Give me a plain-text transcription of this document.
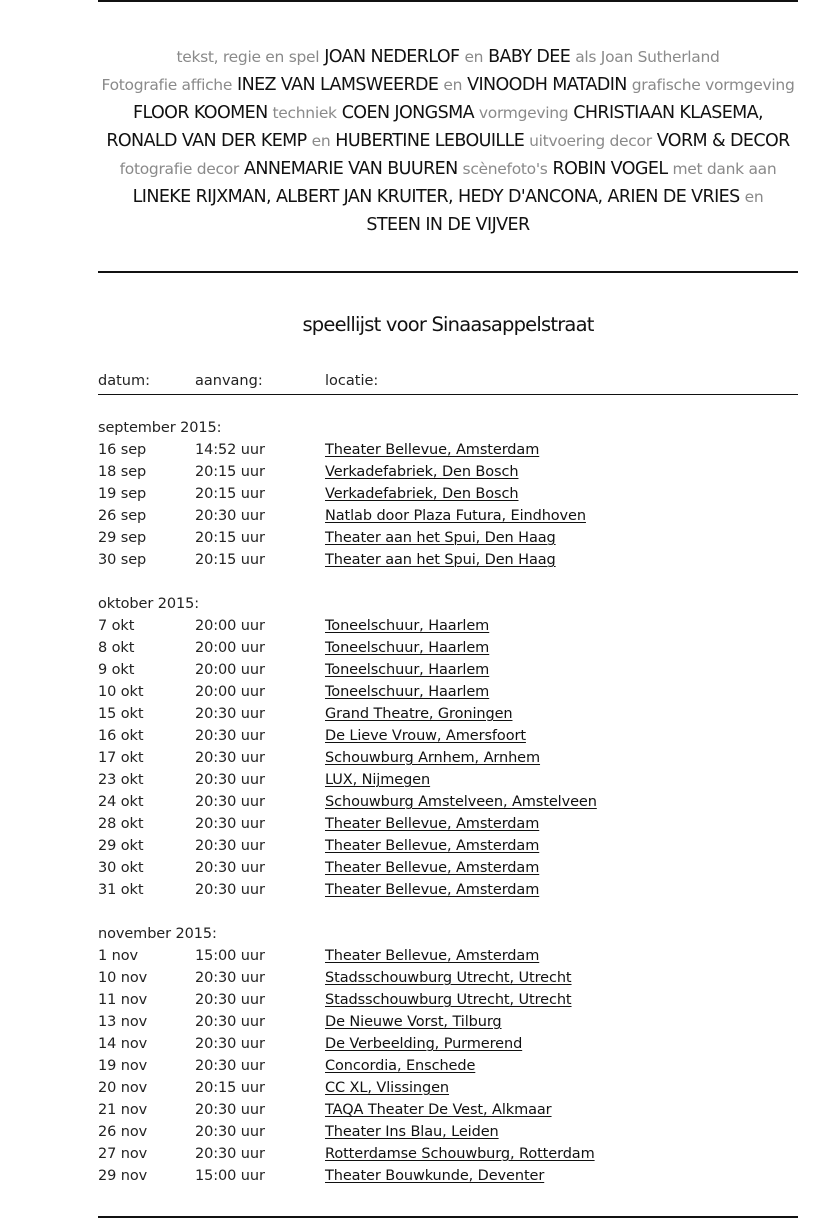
tekst, regie en spel JOAN NEDERLOF en BABY DEE als Joan Sutherland
Fotografie affiche INEZ VAN LAMSWEERDE en VINOODH MATADIN grafische vormgeving
FLOOR KOOMEN techniek COEN JONGSMA vormgeving CHRISTIAAN KLASEMA,
RONALD VAN DER KEMP en HUBERTINE LEBOUILLE uitvoering decor VORM & DECOR
fotografie decor ANNEMARIE VAN BUUREN scènefoto's ROBIN VOGEL met dank aan
LINEKE RIJXMAN, ALBERT JAN KRUITER, HEDY D'ANCONA, ARIEN DE VRIES en
STEEN IN DE VIJVER
speellijst voor Sinaasappelstraat
datum:	aanvang:	locatie:
september 2015:
16 sep	14:52 uur	Theater Bellevue, Amsterdam
18 sep	20:15 uur	Verkadefabriek, Den Bosch
19 sep	20:15 uur	Verkadefabriek, Den Bosch
26 sep	20:30 uur	Natlab door Plaza Futura, Eindhoven
29 sep	20:15 uur	Theater aan het Spui, Den Haag
30 sep	20:15 uur	Theater aan het Spui, Den Haag
oktober 2015:
7 okt	20:00 uur	Toneelschuur, Haarlem
8 okt	20:00 uur	Toneelschuur, Haarlem
9 okt	20:00 uur	Toneelschuur, Haarlem
10 okt	20:00 uur	Toneelschuur, Haarlem
15 okt	20:30 uur	Grand Theatre, Groningen
16 okt	20:30 uur	De Lieve Vrouw, Amersfoort
17 okt	20:30 uur	Schouwburg Arnhem, Arnhem
23 okt	20:30 uur	LUX, Nijmegen
24 okt	20:30 uur	Schouwburg Amstelveen, Amstelveen
28 okt	20:30 uur	Theater Bellevue, Amsterdam
29 okt	20:30 uur	Theater Bellevue, Amsterdam
30 okt	20:30 uur	Theater Bellevue, Amsterdam
31 okt	20:30 uur	Theater Bellevue, Amsterdam
november 2015:
1 nov	15:00 uur	Theater Bellevue, Amsterdam
10 nov	20:30 uur	Stadsschouwburg Utrecht, Utrecht
11 nov	20:30 uur	Stadsschouwburg Utrecht, Utrecht
13 nov	20:30 uur	De Nieuwe Vorst, Tilburg
14 nov	20:30 uur	De Verbeelding, Purmerend
19 nov	20:30 uur	Concordia, Enschede
20 nov	20:15 uur	CC XL, Vlissingen
21 nov	20:30 uur	TAQA Theater De Vest, Alkmaar
26 nov	20:30 uur	Theater Ins Blau, Leiden
27 nov	20:30 uur	Rotterdamse Schouwburg, Rotterdam
29 nov	15:00 uur	Theater Bouwkunde, Deventer
